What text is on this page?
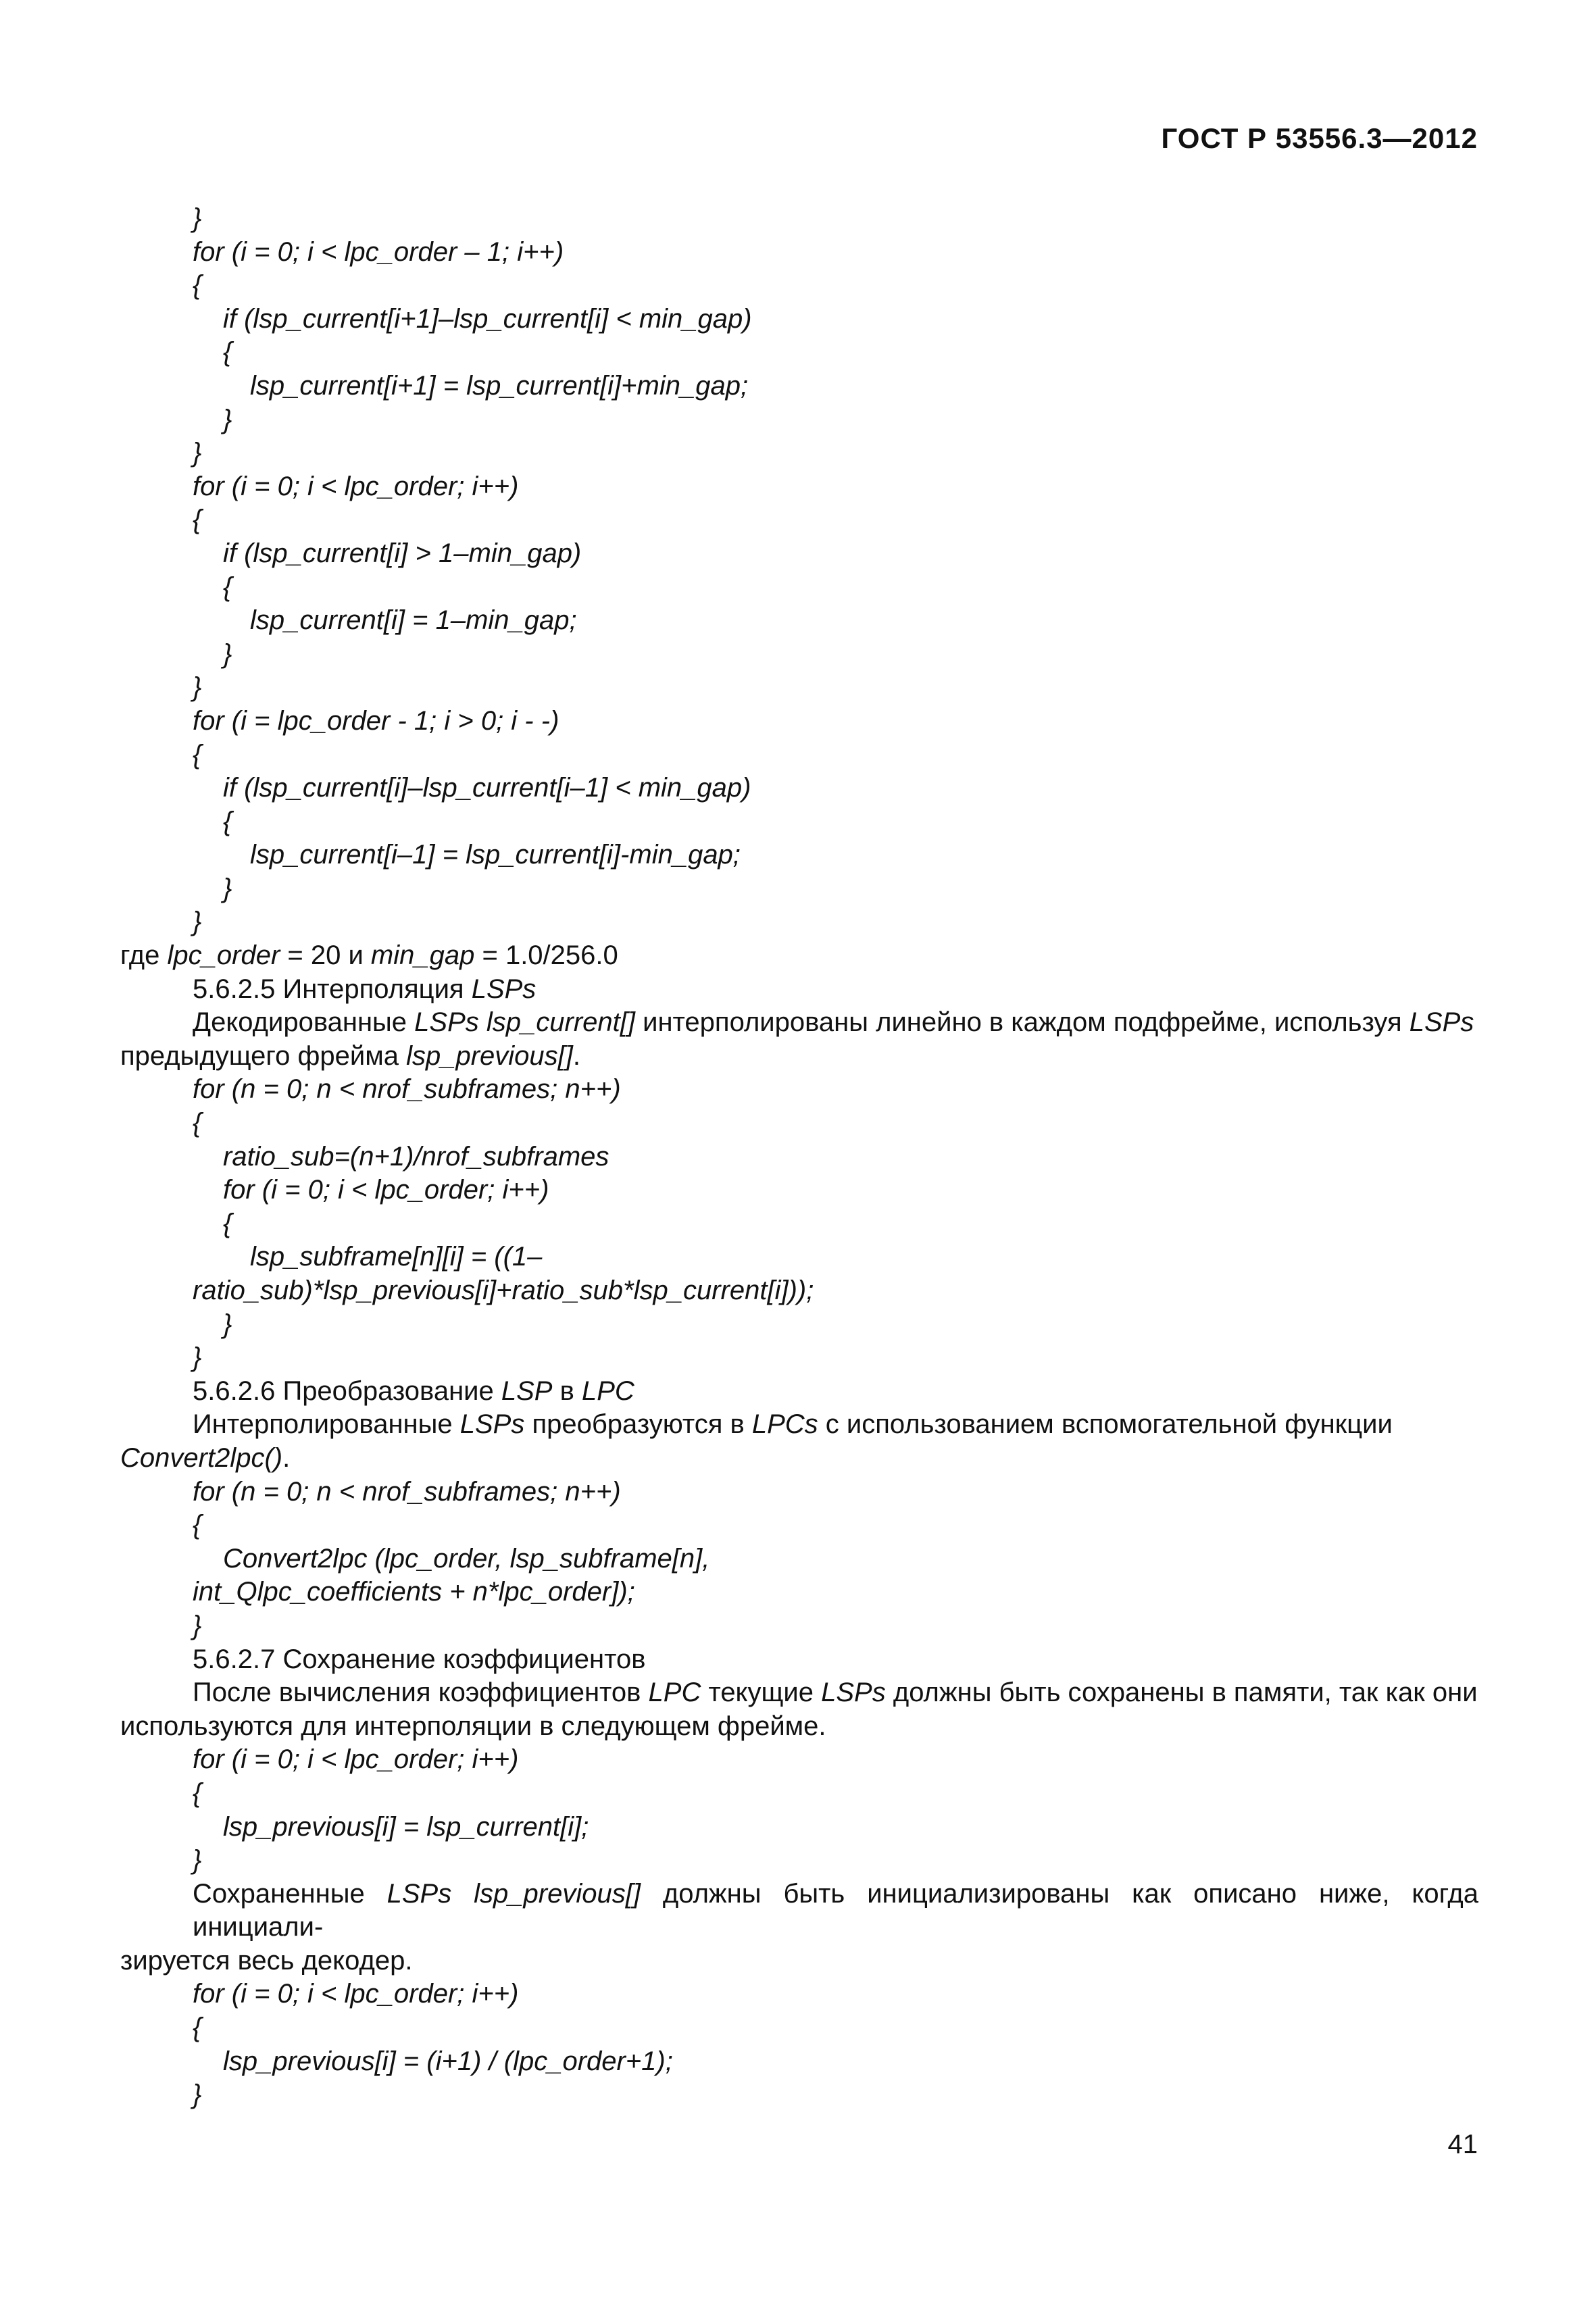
ГОСТ Р 53556.3—2012
}
for (i = 0; i < lpc_order – 1; i++)
{
if (lsp_current[i+1]–lsp_current[i] < min_gap)
{
lsp_current[i+1] = lsp_current[i]+min_gap;
}
}
for (i = 0; i < lpc_order; i++)
{
if (lsp_current[i] > 1–min_gap)
{
lsp_current[i] = 1–min_gap;
}
}
for (i = lpc_order - 1; i > 0; i - -)
{
if (lsp_current[i]–lsp_current[i–1] < min_gap)
{
lsp_current[i–1] = lsp_current[i]-min_gap;
}
}
где lpc_order = 20 и min_gap = 1.0/256.0
5.6.2.5 Интерполяция LSPs
Декодированные LSPs lsp_current[] интерполированы линейно в каждом подфрейме, используя LSPs
предыдущего фрейма lsp_previous[].
for (n = 0; n < nrof_subframes; n++)
{
ratio_sub=(n+1)/nrof_subframes
for (i = 0; i < lpc_order; i++)
{
lsp_subframe[n][i] = ((1–
ratio_sub)*lsp_previous[i]+ratio_sub*lsp_current[i]));
}
}
5.6.2.6 Преобразование LSP в LPC
Интерполированные LSPs преобразуются в LPCs с использованием вспомогательной функции
Convert2lpc().
for (n = 0; n < nrof_subframes; n++)
{
Convert2lpc (lpc_order, lsp_subframe[n],
int_Qlpc_coefficients + n*lpc_order]);
}
5.6.2.7 Сохранение коэффициентов
После вычисления коэффициентов LPC текущие LSPs должны быть сохранены в памяти, так как они
используются для интерполяции в следующем фрейме.
for (i = 0; i < lpc_order; i++)
{
lsp_previous[i] = lsp_current[i];
}
Сохраненные LSPs lsp_previous[] должны быть инициализированы как описано ниже, когда инициали-
зируется весь декодер.
for (i = 0; i < lpc_order; i++)
{
lsp_previous[i] = (i+1) / (lpc_order+1);
}
41
